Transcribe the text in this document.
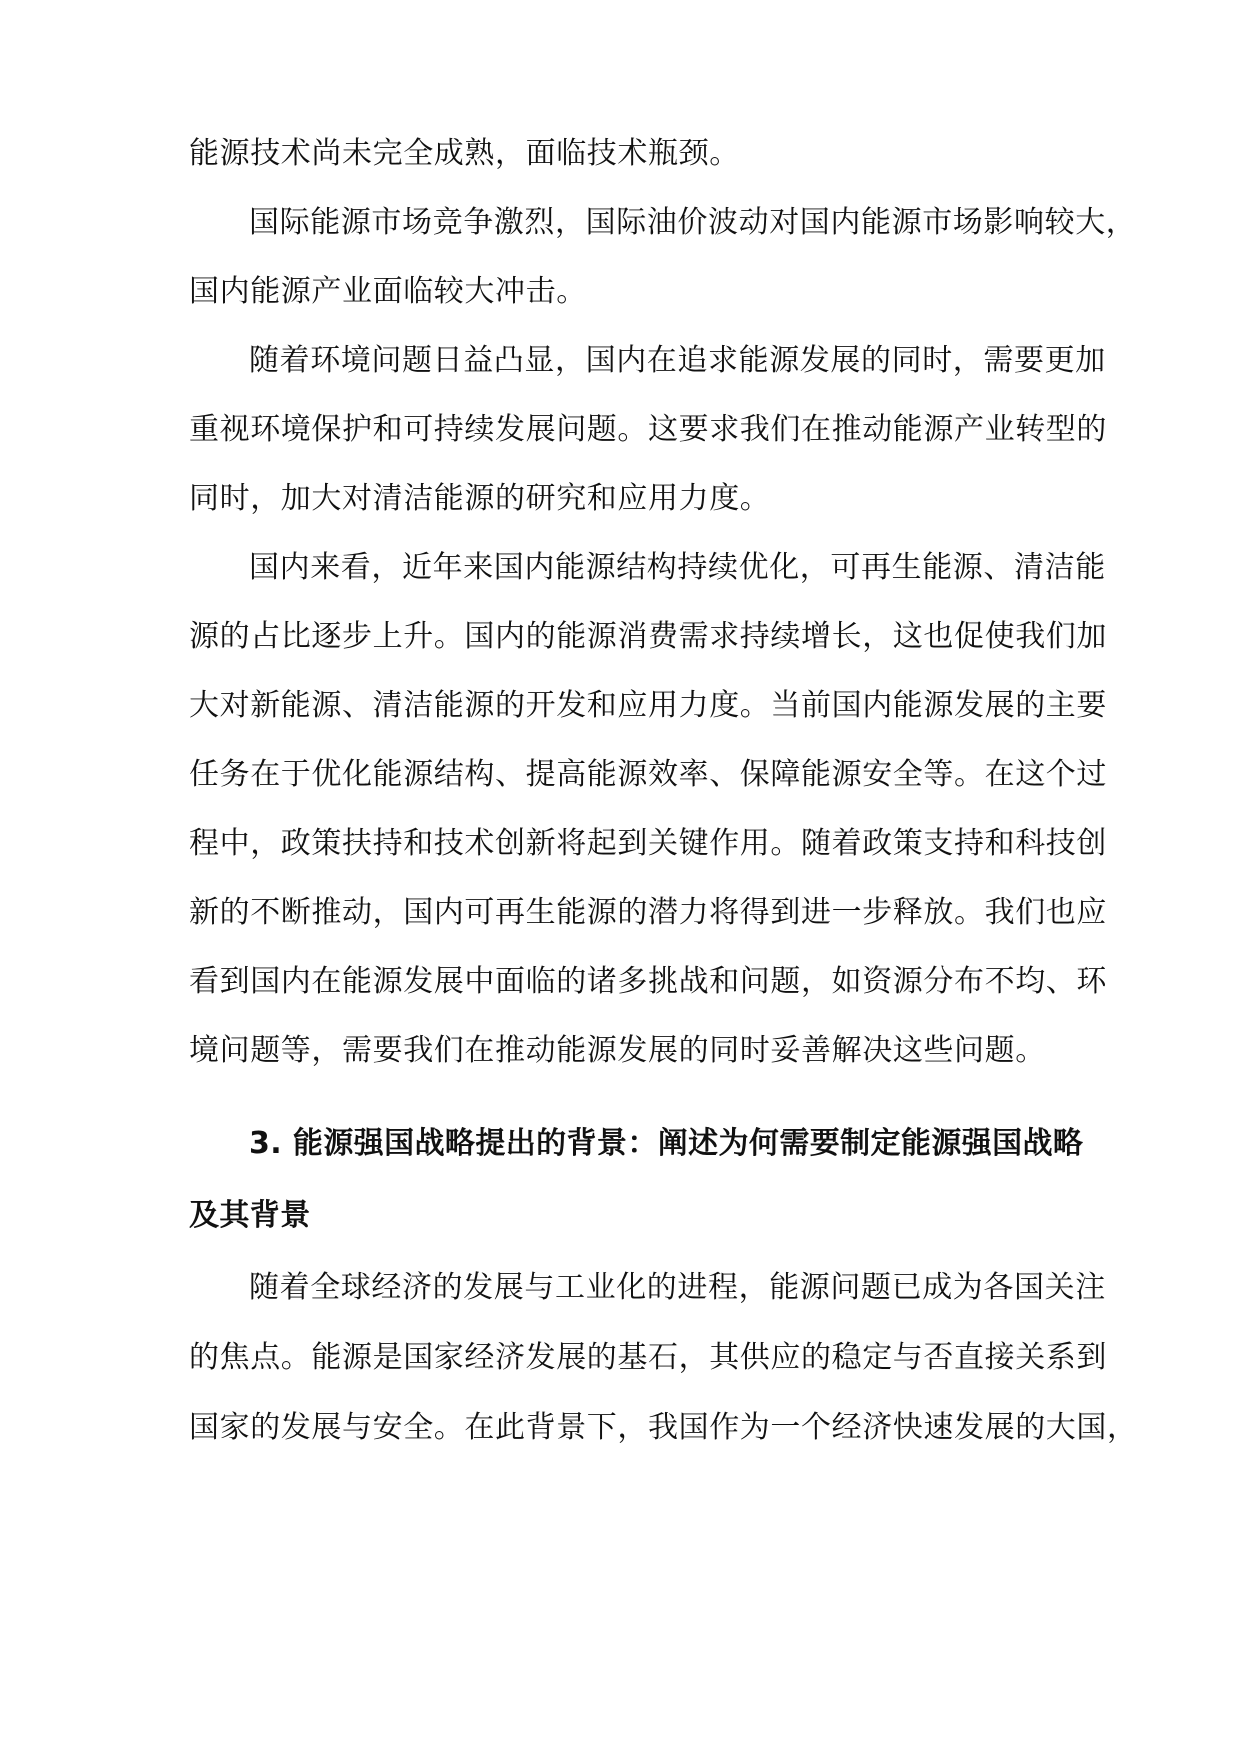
能源技术尚未完全成熟，面临技术瓶颈。
国际能源市场竞争激烈，国际油价波动对国内能源市场影响较大，
国内能源产业面临较大冲击。
随着环境问题日益凸显，国内在追求能源发展的同时，需要更加
重视环境保护和可持续发展问题。这要求我们在推动能源产业转型的
同时，加大对清洁能源的研究和应用力度。
国内来看，近年来国内能源结构持续优化，可再生能源、清洁能
源的占比逐步上升。国内的能源消费需求持续增长，这也促使我们加
大对新能源、清洁能源的开发和应用力度。当前国内能源发展的主要
任务在于优化能源结构、提高能源效率、保障能源安全等。在这个过
程中，政策扶持和技术创新将起到关键作用。随着政策支持和科技创
新的不断推动，国内可再生能源的潜力将得到进一步释放。我们也应
看到国内在能源发展中面临的诸多挑战和问题，如资源分布不均、环
境问题等，需要我们在推动能源发展的同时妥善解决这些问题。
3. 能源强国战略提出的背景：阐述为何需要制定能源强国战略
及其背景
随着全球经济的发展与工业化的进程，能源问题已成为各国关注
的焦点。能源是国家经济发展的基石，其供应的稳定与否直接关系到
国家的发展与安全。在此背景下，我国作为一个经济快速发展的大国，
